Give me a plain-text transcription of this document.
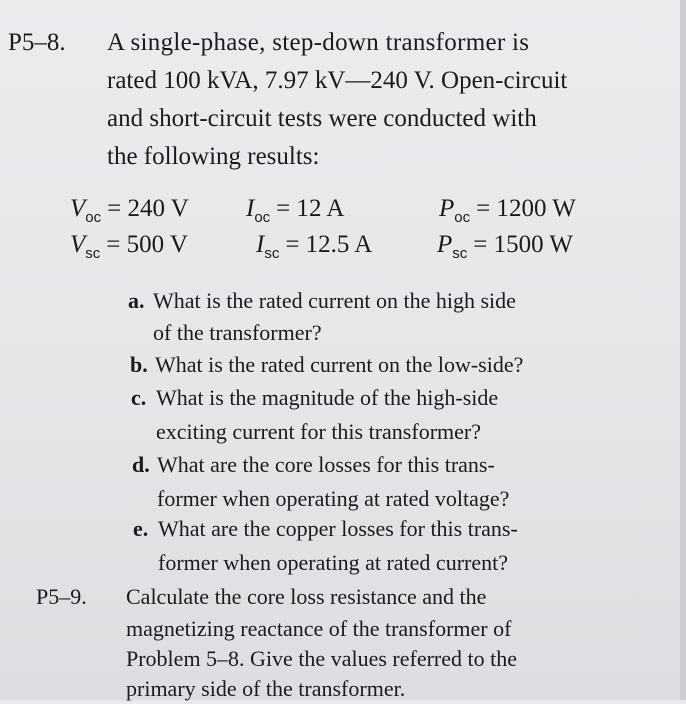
P5–8. A single-phase, step-down transformer is
rated 100 kVA, 7.97 kV—240 V. Open-circuit
and short-circuit tests were conducted with
the following results:
$V_{oc} = 240$ V $I_{oc} = 12$ A	$P_{oc} = 1200$ W
$V_{sc} = 500$ V	$I_{sc} = 12.5$ A	$P_{sc} = 1500$ W
a. What is the rated current on the high side
of the transformer?
b. What is the rated current on the low-side?
c. What is the magnitude of the high-side
exciting current for this transformer?
d. What are the core losses for this trans-
former when operating at rated voltage?
e. What are the copper losses for this trans-
former when operating at rated current?
P5–9. Calculate the core loss resistance and the
magnetizing reactance of the transformer of
Problem 5–8. Give the values referred to the
primary side of the transformer.
